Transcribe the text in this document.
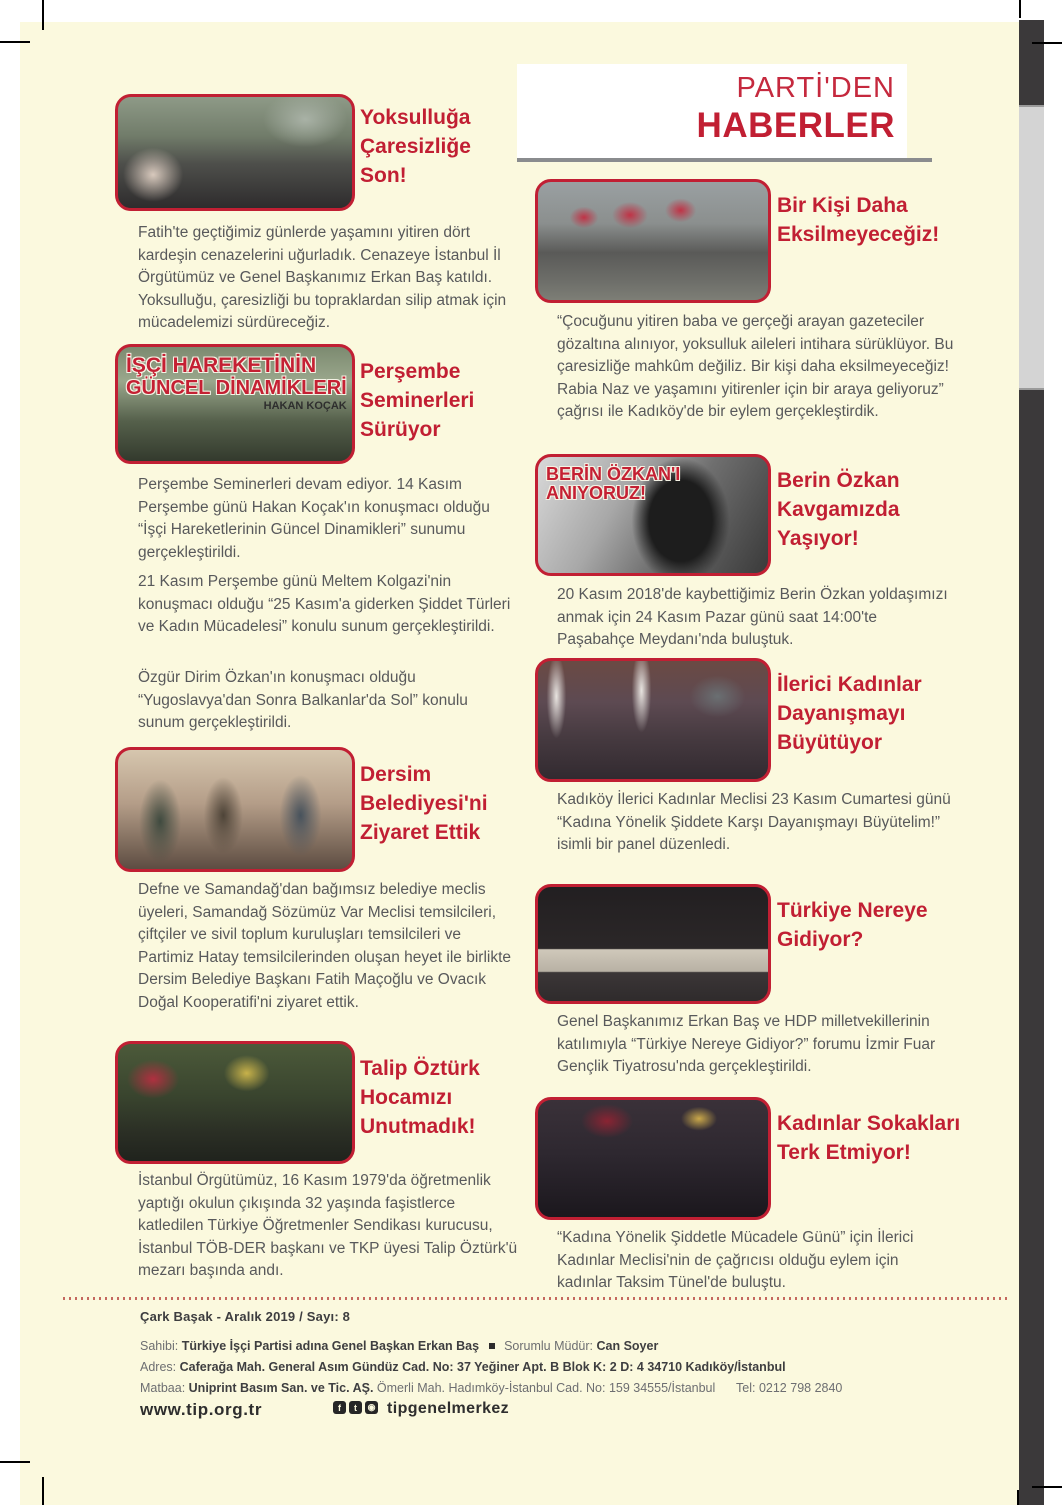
PARTİ'DEN
HABERLER
Yoksulluğa Çaresizliğe Son!

Fatih'te geçtiğimiz günlerde yaşamını yitiren dört kardeşin cenazelerini uğurladık. Cenazeye İstanbul İl Örgütümüz ve Genel Başkanımız Erkan Baş katıldı. Yoksulluğu, çaresizliği bu topraklardan silip atmak için mücadelemizi sürdüreceğiz.

İŞÇİ HAREKETİNİN
GÜNCEL DİNAMİKLERİ
HAKAN KOÇAK
Perşembe Seminerleri Sürüyor

Perşembe Seminerleri devam ediyor. 14 Kasım Perşembe günü Hakan Koçak'ın konuşmacı olduğu “İşçi Hareketlerinin Güncel Dinamikleri” sunumu gerçekleştirildi.

21 Kasım Perşembe günü Meltem Kolgazi'nin konuşmacı olduğu “25 Kasım'a giderken Şiddet Türleri ve Kadın Mücadelesi” konulu sunum gerçekleştirildi.

Özgür Dirim Özkan'ın konuşmacı olduğu “Yugoslavya'dan Sonra Balkanlar'da Sol” konulu sunum gerçekleştirildi.

Dersim Belediyesi'ni Ziyaret Ettik

Defne ve Samandağ'dan bağımsız belediye meclis üyeleri, Samandağ Sözümüz Var Meclisi temsilcileri, çiftçiler ve sivil toplum kuruluşları temsilcileri ve Partimiz Hatay temsilcilerinden oluşan heyet ile birlikte Dersim Belediye Başkanı Fatih Maçoğlu ve Ovacık Doğal Kooperatifi'ni ziyaret ettik.

Talip Öztürk Hocamızı Unutmadık!

İstanbul Örgütümüz, 16 Kasım 1979'da öğretmenlik yaptığı okulun çıkışında 32 yaşında faşistlerce katledilen Türkiye Öğretmenler Sendikası kurucusu, İstanbul TÖB-DER başkanı ve TKP üyesi Talip Öztürk'ü mezarı başında andı.

Bir Kişi Daha Eksilmeyeceğiz!

“Çocuğunu yitiren baba ve gerçeği arayan gazeteciler gözaltına alınıyor, yoksulluk aileleri intihara sürüklüyor. Bu çaresizliğe mahkûm değiliz. Bir kişi daha eksilmeyeceğiz! Rabia Naz ve yaşamını yitirenler için bir araya geliyoruz” çağrısı ile Kadıköy'de bir eylem gerçekleştirdik.

BERİN ÖZKAN'I
ANIYORUZ!
Berin Özkan Kavgamızda Yaşıyor!

20 Kasım 2018'de kaybettiğimiz Berin Özkan yoldaşımızı anmak için 24 Kasım Pazar günü saat 14:00'te Paşabahçe Meydanı'nda buluştuk.

İlerici Kadınlar Dayanışmayı Büyütüyor

Kadıköy İlerici Kadınlar Meclisi 23 Kasım Cumartesi günü “Kadına Yönelik Şiddete Karşı Dayanışmayı Büyütelim!” isimli bir panel düzenledi.

Türkiye Nereye Gidiyor?

Genel Başkanımız Erkan Baş ve HDP milletvekillerinin katılımıyla “Türkiye Nereye Gidiyor?” forumu İzmir Fuar Gençlik Tiyatrosu'nda gerçekleştirildi.

Kadınlar Sokakları Terk Etmiyor!

“Kadına Yönelik Şiddetle Mücadele Günü” için İlerici Kadınlar Meclisi'nin de çağrıcısı olduğu eylem için kadınlar Taksim Tünel'de buluştu.

Çark Başak - Aralık 2019 / Sayı: 8
Sahibi: Türkiye İşçi Partisi adına Genel Başkan Erkan Baş Sorumlu Müdür: Can Soyer
Adres: Caferağa Mah. General Asım Gündüz Cad. No: 37 Yeğiner Apt. B Blok K: 2 D: 4 34710 Kadıköy/İstanbul
Matbaa: Uniprint Basım San. ve Tic. AŞ. Ömerli Mah. Hadımköy-İstanbul Cad. No: 159 34555/İstanbul Tel: 0212 798 2840
www.tip.org.tr	f	t	◉ tipgenelmerkez
